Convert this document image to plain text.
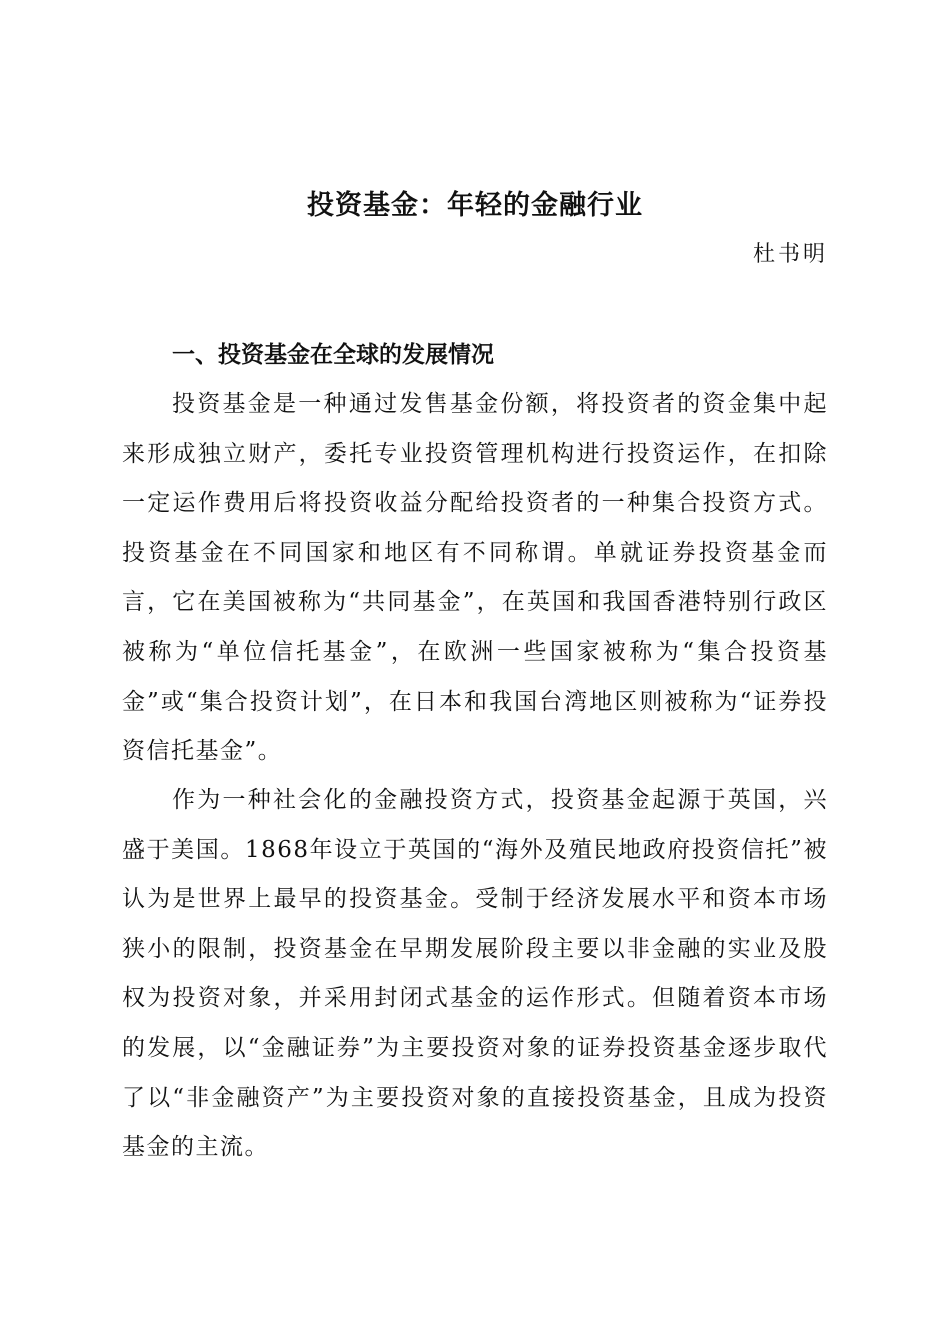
投资基金：年轻的金融行业
杜书明
一、投资基金在全球的发展情况

投资基金是一种通过发售基金份额，将投资者的资金集中起来形成独立财产，委托专业投资管理机构进行投资运作，在扣除一定运作费用后将投资收益分配给投资者的一种集合投资方式。投资基金在不同国家和地区有不同称谓。单就证券投资基金而言，它在美国被称为“共同基金”，在英国和我国香港特别行政区被称为“单位信托基金”，在欧洲一些国家被称为“集合投资基金”或“集合投资计划”，在日本和我国台湾地区则被称为“证券投资信托基金”。

作为一种社会化的金融投资方式，投资基金起源于英国，兴盛于美国。1868年设立于英国的“海外及殖民地政府投资信托”被认为是世界上最早的投资基金。受制于经济发展水平和资本市场狭小的限制，投资基金在早期发展阶段主要以非金融的实业及股权为投资对象，并采用封闭式基金的运作形式。但随着资本市场的发展，以“金融证券”为主要投资对象的证券投资基金逐步取代了以“非金融资产”为主要投资对象的直接投资基金，且成为投资基金的主流。
